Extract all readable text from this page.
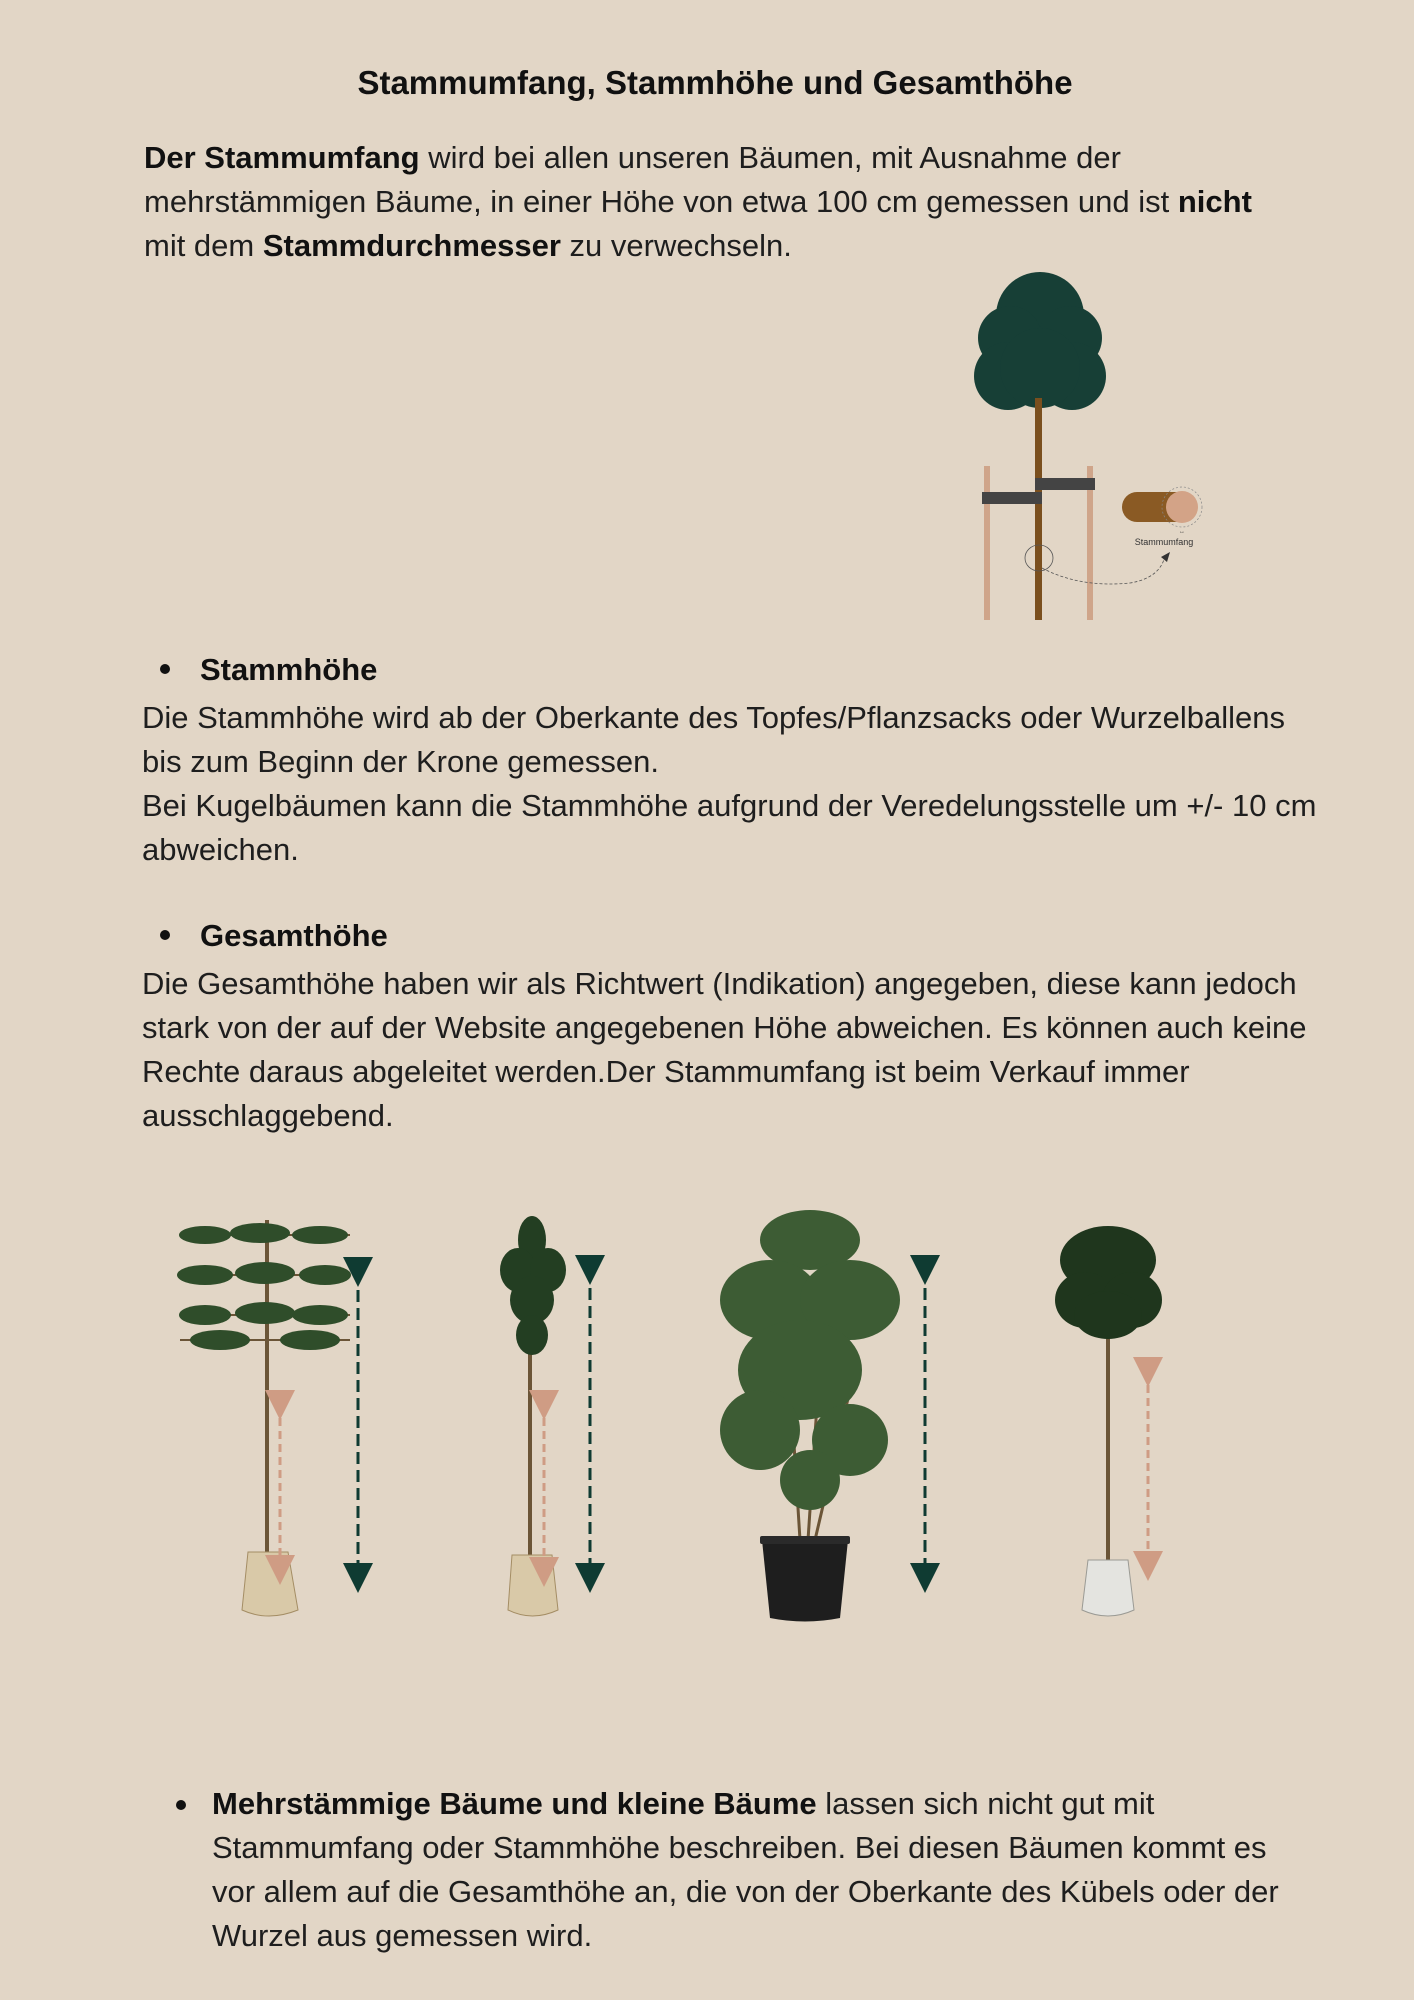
Stammumfang, Stammhöhe und Gesamthöhe

Der Stammumfang wird bei allen unseren Bäumen, mit Ausnahme der mehrstämmigen Bäume, in einer Höhe von etwa 100 cm gemessen und ist nicht mit dem Stammdurchmesser zu verwechseln.

↔
Stammumfang
Stammhöhe

Die Stammhöhe wird ab der Oberkante des Topfes/Pflanzsacks oder Wurzelballens bis zum Beginn der Krone gemessen.
Bei Kugelbäumen kann die Stammhöhe aufgrund der Veredelungsstelle um +/- 10 cm abweichen.

Gesamthöhe

Die Gesamthöhe haben wir als Richtwert (Indikation) angegeben, diese kann jedoch stark von der auf der Website angegebenen Höhe abweichen. Es können auch keine Rechte daraus abgeleitet werden.Der Stammumfang ist beim Verkauf immer ausschlaggebend.

Mehrstämmige Bäume und kleine Bäume lassen sich nicht gut mit Stammumfang oder Stammhöhe beschreiben. Bei diesen Bäumen kommt es vor allem auf die Gesamthöhe an, die von der Oberkante des Kübels oder der Wurzel aus gemessen wird.
